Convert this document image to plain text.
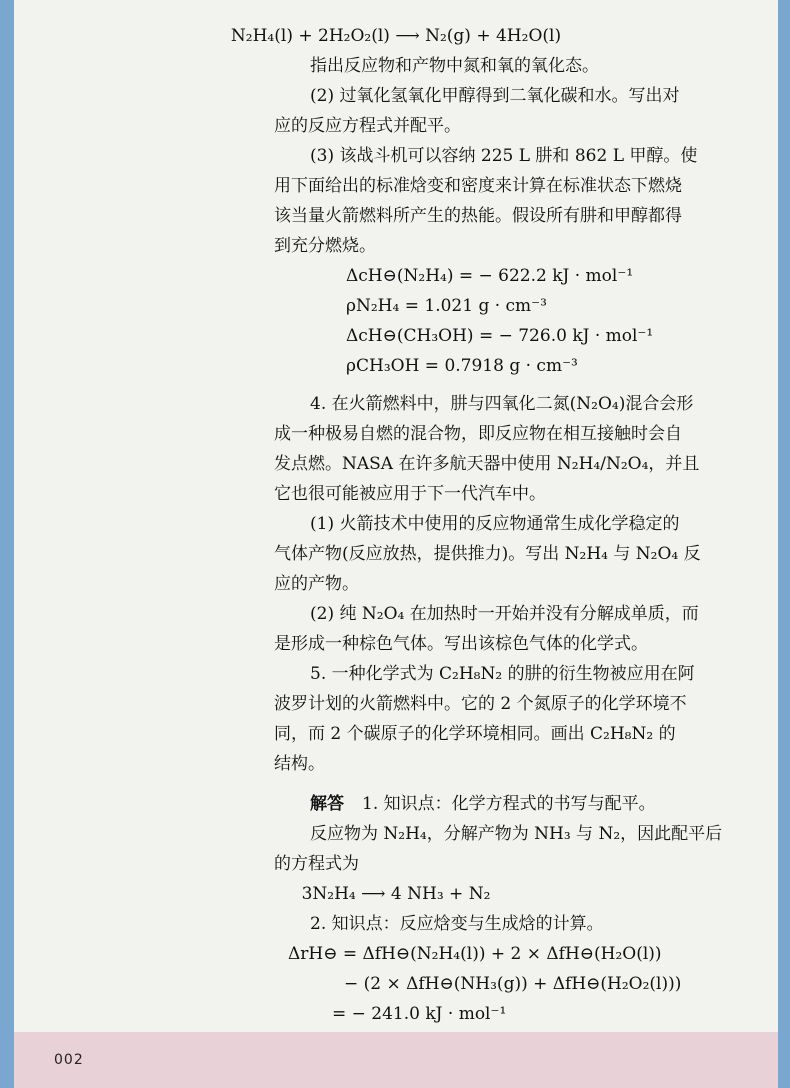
N₂H₄(l) + 2H₂O₂(l) ⟶ N₂(g) + 4H₂O(l)
指出反应物和产物中氮和氧的氧化态。
(2) 过氧化氢氧化甲醇得到二氧化碳和水。写出对
应的反应方程式并配平。
(3) 该战斗机可以容纳 225 L 肼和 862 L 甲醇。使
用下面给出的标准焓变和密度来计算在标准状态下燃烧
该当量火箭燃料所产生的热能。假设所有肼和甲醇都得
到充分燃烧。
ΔcH⊖(N₂H₄) = − 622.2 kJ · mol⁻¹
ρN₂H₄ = 1.021 g · cm⁻³
ΔcH⊖(CH₃OH) = − 726.0 kJ · mol⁻¹
ρCH₃OH = 0.7918 g · cm⁻³
4. 在火箭燃料中，肼与四氧化二氮(N₂O₄)混合会形
成一种极易自燃的混合物，即反应物在相互接触时会自
发点燃。NASA 在许多航天器中使用 N₂H₄/N₂O₄，并且
它也很可能被应用于下一代汽车中。
(1) 火箭技术中使用的反应物通常生成化学稳定的
气体产物(反应放热，提供推力)。写出 N₂H₄ 与 N₂O₄ 反
应的产物。
(2) 纯 N₂O₄ 在加热时一开始并没有分解成单质，而
是形成一种棕色气体。写出该棕色气体的化学式。
5. 一种化学式为 C₂H₈N₂ 的肼的衍生物被应用在阿
波罗计划的火箭燃料中。它的 2 个氮原子的化学环境不
同，而 2 个碳原子的化学环境相同。画出 C₂H₈N₂ 的
结构。
解答 1. 知识点：化学方程式的书写与配平。
反应物为 N₂H₄，分解产物为 NH₃ 与 N₂，因此配平后
的方程式为
3N₂H₄ ⟶ 4 NH₃ + N₂
2. 知识点：反应焓变与生成焓的计算。
ΔrH⊖ = ΔfH⊖(N₂H₄(l)) + 2 × ΔfH⊖(H₂O(l))
− (2 × ΔfH⊖(NH₃(g)) + ΔfH⊖(H₂O₂(l)))
= − 241.0 kJ · mol⁻¹
002
